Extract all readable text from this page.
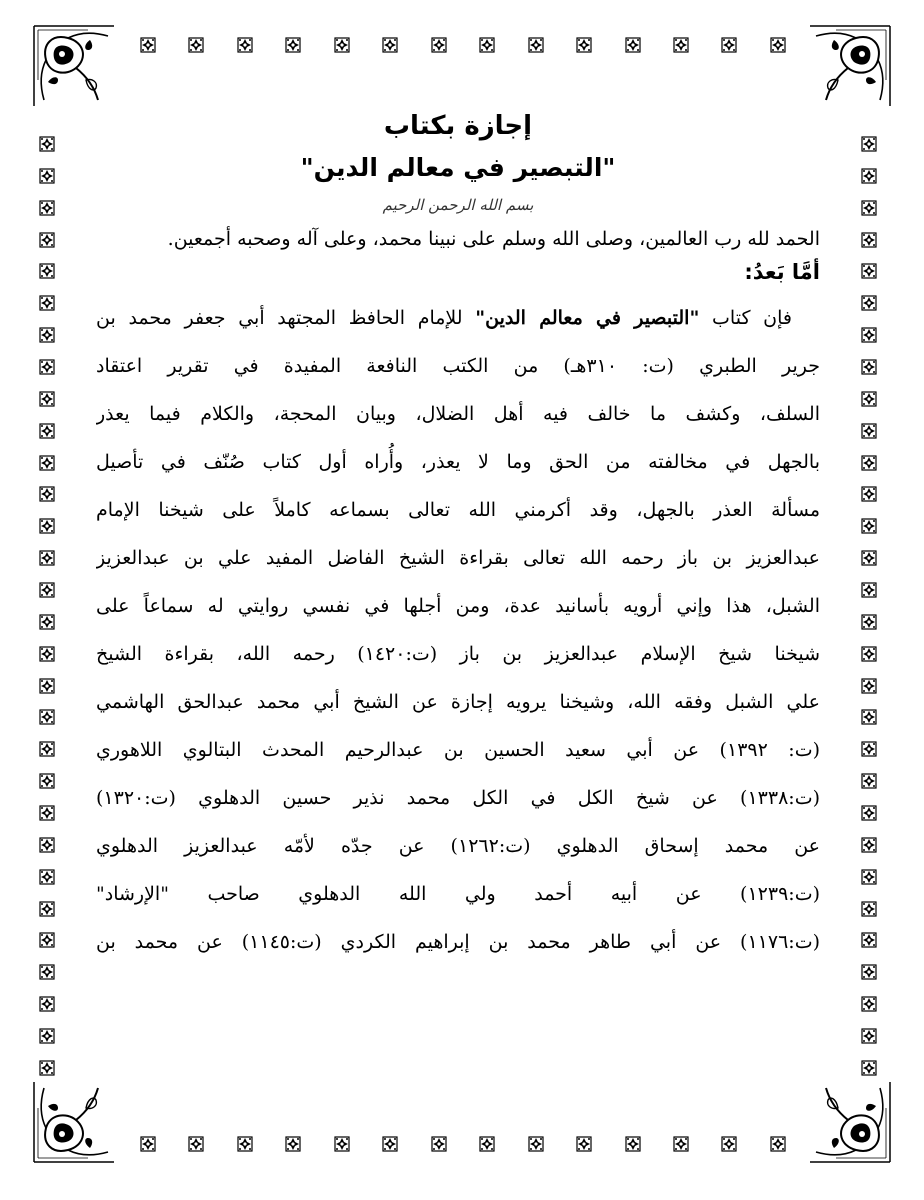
إجازة بكتاب
"التبصير في معالم الدين"
بسم الله الرحمن الرحيم

الحمد لله رب العالمين، وصلى الله وسلم على نبينا محمد، وعلى آله وصحبه أجمعين.

أمَّا بَعدُ:

فإن كتاب "التبصير في معالم الدين" للإمام الحافظ المجتهد أبي جعفر محمد بن

جرير الطبري (ت: ٣١٠هـ) من الكتب النافعة المفيدة في تقرير اعتقاد

السلف، وكشف ما خالف فيه أهل الضلال، وبيان المحجة، والكلام فيما يعذر

بالجهل في مخالفته من الحق وما لا يعذر، وأُراه أول كتاب صُنّف في تأصيل

مسألة العذر بالجهل، وقد أكرمني الله تعالى بسماعه كاملاً على شيخنا الإمام

عبدالعزيز بن باز رحمه الله تعالى بقراءة الشيخ الفاضل المفيد علي بن عبدالعزيز

الشبل، هذا وإني أرويه بأسانيد عدة، ومن أجلها في نفسي روايتي له سماعاً على

شيخنا شيخ الإسلام عبدالعزيز بن باز (ت:١٤٢٠) رحمه الله، بقراءة الشيخ

علي الشبل وفقه الله، وشيخنا يرويه إجازة عن الشيخ أبي محمد عبدالحق الهاشمي

(ت: ١٣٩٢) عن أبي سعيد الحسين بن عبدالرحيم المحدث البتالوي اللاهوري

(ت:١٣٣٨) عن شيخ الكل في الكل محمد نذير حسين الدهلوي (ت:١٣٢٠)

عن محمد إسحاق الدهلوي (ت:١٢٦٢) عن جدّه لأمّه عبدالعزيز الدهلوي

(ت:١٢٣٩) عن أبيه أحمد ولي الله الدهلوي صاحب "الإرشاد"

(ت:١١٧٦) عن أبي طاهر محمد بن إبراهيم الكردي (ت:١١٤٥) عن محمد بن
